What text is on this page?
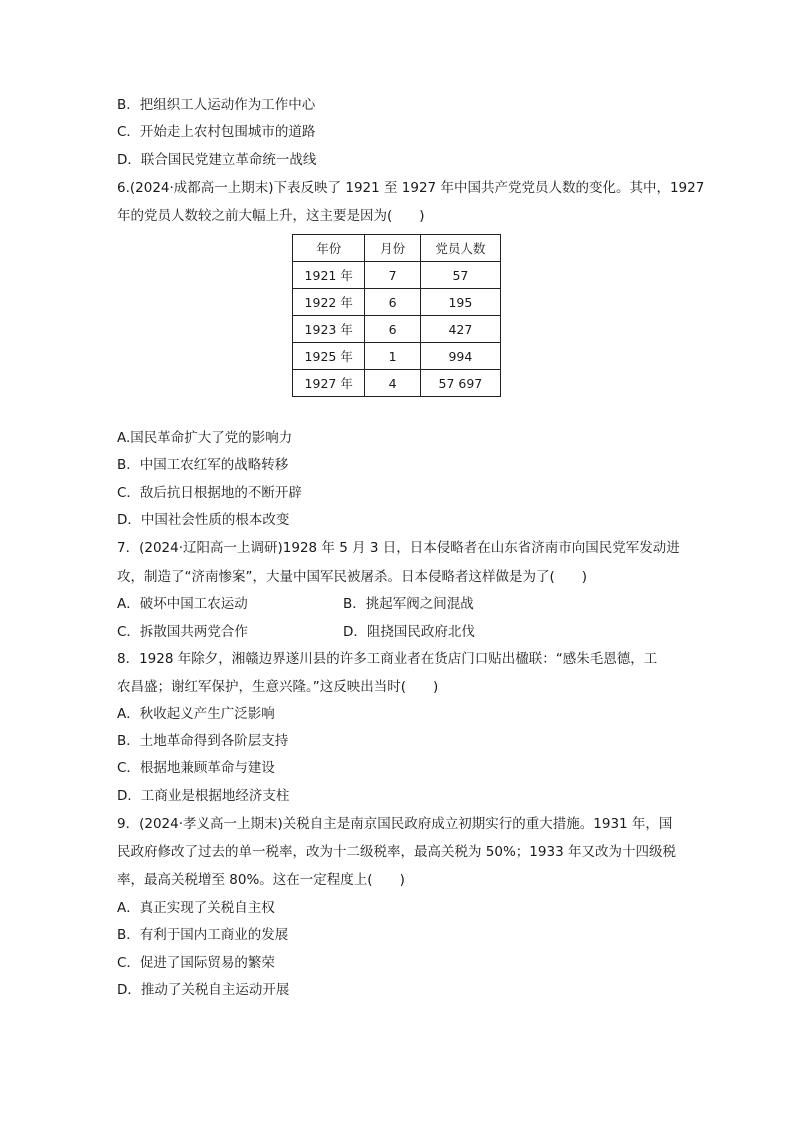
B．把组织工人运动作为工作中心
C．开始走上农村包围城市的道路
D．联合国民党建立革命统一战线
6.(2024·成都高一上期末)下表反映了 1921 至 1927 年中国共产党党员人数的变化。其中，1927
年的党员人数较之前大幅上升，这主要是因为(　　)
年份	月份	党员人数
1921 年	7	57
1922 年	6	195
1923 年	6	427
1925 年	1	994
1927 年	4	57 697
A.国民革命扩大了党的影响力
B．中国工农红军的战略转移
C．敌后抗日根据地的不断开辟
D．中国社会性质的根本改变
7．(2024·辽阳高一上调研)1928 年 5 月 3 日，日本侵略者在山东省济南市向国民党军发动进
攻，制造了“济南惨案”，大量中国军民被屠杀。日本侵略者这样做是为了(　　)
A．破坏中国工农运动	B．挑起军阀之间混战
C．拆散国共两党合作	D．阻挠国民政府北伐
8．1928 年除夕，湘赣边界遂川县的许多工商业者在货店门口贴出楹联：“感朱毛恩德，工
农昌盛；谢红军保护，生意兴隆。”这反映出当时(　　)
A．秋收起义产生广泛影响
B．土地革命得到各阶层支持
C．根据地兼顾革命与建设
D．工商业是根据地经济支柱
9．(2024·孝义高一上期末)关税自主是南京国民政府成立初期实行的重大措施。1931 年，国
民政府修改了过去的单一税率，改为十二级税率，最高关税为 50%；1933 年又改为十四级税
率，最高关税增至 80%。这在一定程度上(　　)
A．真正实现了关税自主权
B．有利于国内工商业的发展
C．促进了国际贸易的繁荣
D．推动了关税自主运动开展
